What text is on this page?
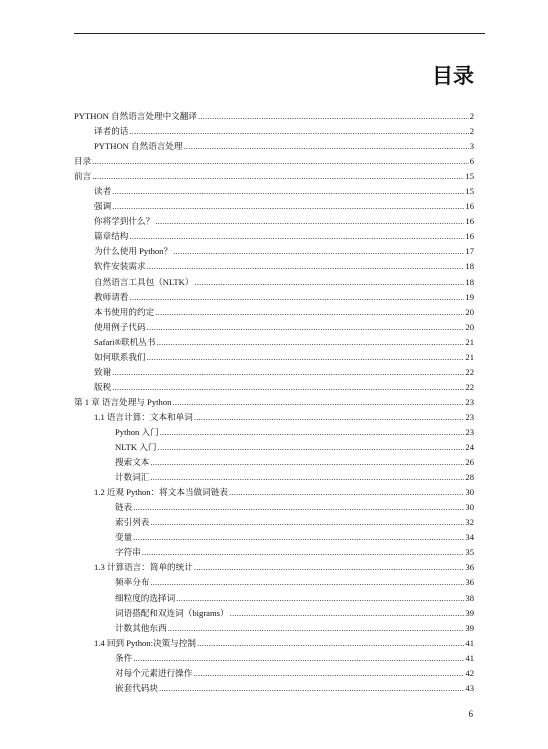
目录
PYTHON 自然语言处理中文翻译 .....	2
译者的话 .....	2
PYTHON 自然语言处理 .....	3
目录 .....	6
前言 .....	15
读者 .....	15
强调 .....	16
你将学到什么？ .....	16
篇章结构 .....	16
为什么使用 Python？ .....	17
软件安装需求 .....	18
自然语言工具包（NLTK） .....	18
教师请看 .....	19
本书使用的约定 .....	20
使用例子代码 .....	20
Safari®联机丛书 .....	21
如何联系我们 .....	21
致谢 .....	22
版税 .....	22
第 1 章 语言处理与 Python .....	23
1.1 语言计算：文本和单词 .....	23
Python 入门 .....	23
NLTK 入门 .....	24
搜索文本 .....	26
计数词汇 .....	28
1.2 近观 Python：将文本当做词链表 .....	30
链表 .....	30
索引列表 .....	32
变量 .....	34
字符串 .....	35
1.3 计算语言：简单的统计 .....	36
频率分布 .....	36
细粒度的选择词 .....	38
词语搭配和双连词（bigrams） .....	39
计数其他东西 .....	39
1.4 回到 Python:决策与控制 .....	41
条件 .....	41
对每个元素进行操作 .....	42
嵌套代码块 .....	43
6
